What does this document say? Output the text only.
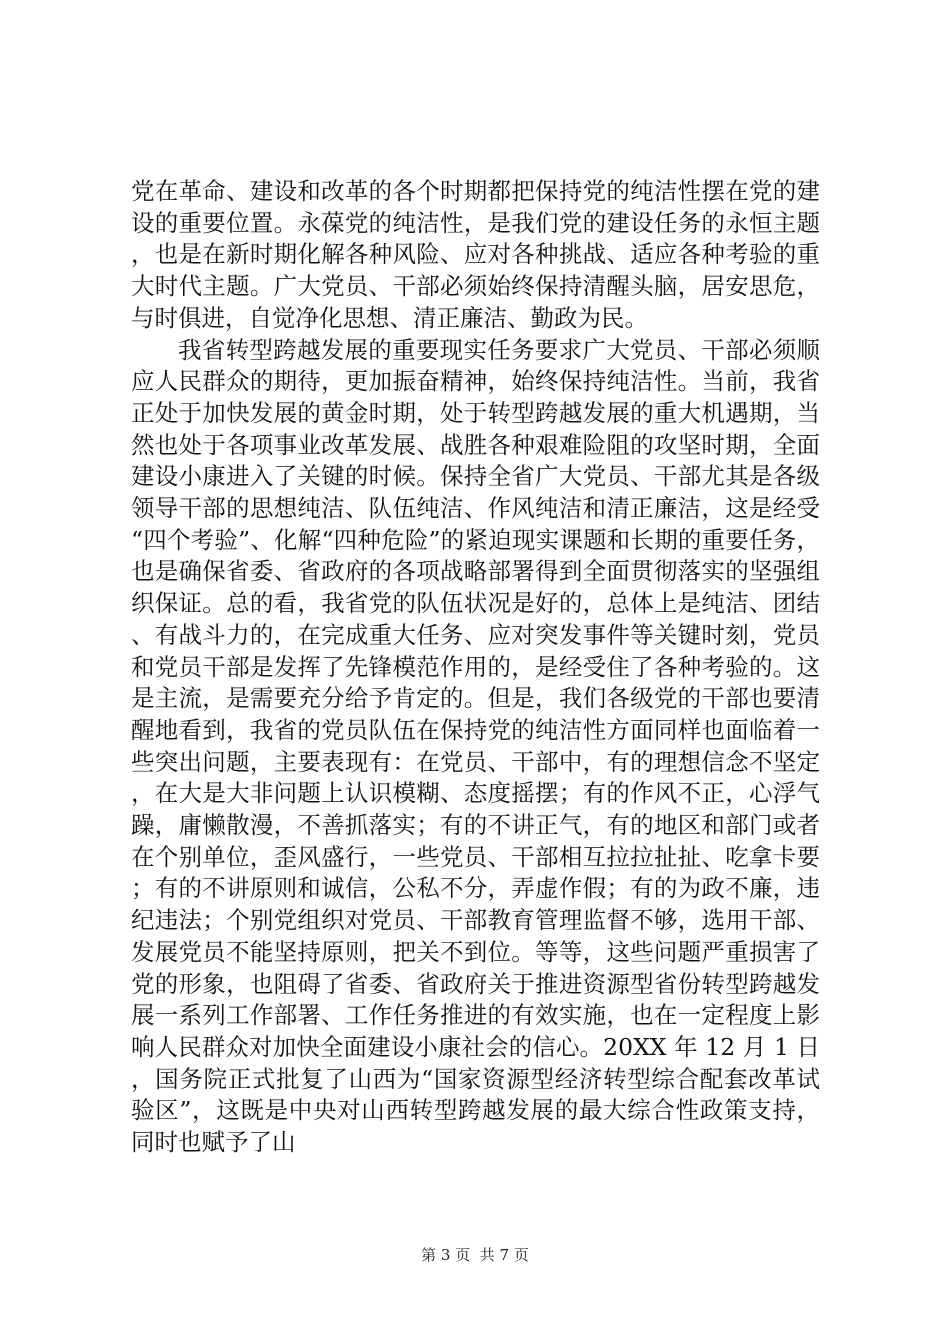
党在革命、建设和改革的各个时期都把保持党的纯洁性摆在党的建设的重要位置。永葆党的纯洁性，是我们党的建设任务的永恒主题，也是在新时期化解各种风险、应对各种挑战、适应各种考验的重大时代主题。广大党员、干部必须始终保持清醒头脑，居安思危，与时俱进，自觉净化思想、清正廉洁、勤政为民。

我省转型跨越发展的重要现实任务要求广大党员、干部必须顺应人民群众的期待，更加振奋精神，始终保持纯洁性。当前，我省正处于加快发展的黄金时期，处于转型跨越发展的重大机遇期，当然也处于各项事业改革发展、战胜各种艰难险阻的攻坚时期，全面建设小康进入了关键的时候。保持全省广大党员、干部尤其是各级领导干部的思想纯洁、队伍纯洁、作风纯洁和清正廉洁，这是经受“四个考验”、化解“四种危险”的紧迫现实课题和长期的重要任务，也是确保省委、省政府的各项战略部署得到全面贯彻落实的坚强组织保证。总的看，我省党的队伍状况是好的，总体上是纯洁、团结、有战斗力的，在完成重大任务、应对突发事件等关键时刻，党员和党员干部是发挥了先锋模范作用的，是经受住了各种考验的。这是主流，是需要充分给予肯定的。但是，我们各级党的干部也要清醒地看到，我省的党员队伍在保持党的纯洁性方面同样也面临着一些突出问题，主要表现有：在党员、干部中，有的理想信念不坚定，在大是大非问题上认识模糊、态度摇摆；有的作风不正，心浮气躁，庸懒散漫，不善抓落实；有的不讲正气，有的地区和部门或者在个别单位，歪风盛行，一些党员、干部相互拉拉扯扯、吃拿卡要；有的不讲原则和诚信，公私不分，弄虚作假；有的为政不廉，违纪违法；个别党组织对党员、干部教育管理监督不够，选用干部、发展党员不能坚持原则，把关不到位。等等，这些问题严重损害了党的形象，也阻碍了省委、省政府关于推进资源型省份转型跨越发展一系列工作部署、工作任务推进的有效实施，也在一定程度上影响人民群众对加快全面建设小康社会的信心。20XX 年 12 月 1 日，国务院正式批复了山西为“国家资源型经济转型综合配套改革试验区”，这既是中央对山西转型跨越发展的最大综合性政策支持，同时也赋予了山

第 3 页  共 7 页
